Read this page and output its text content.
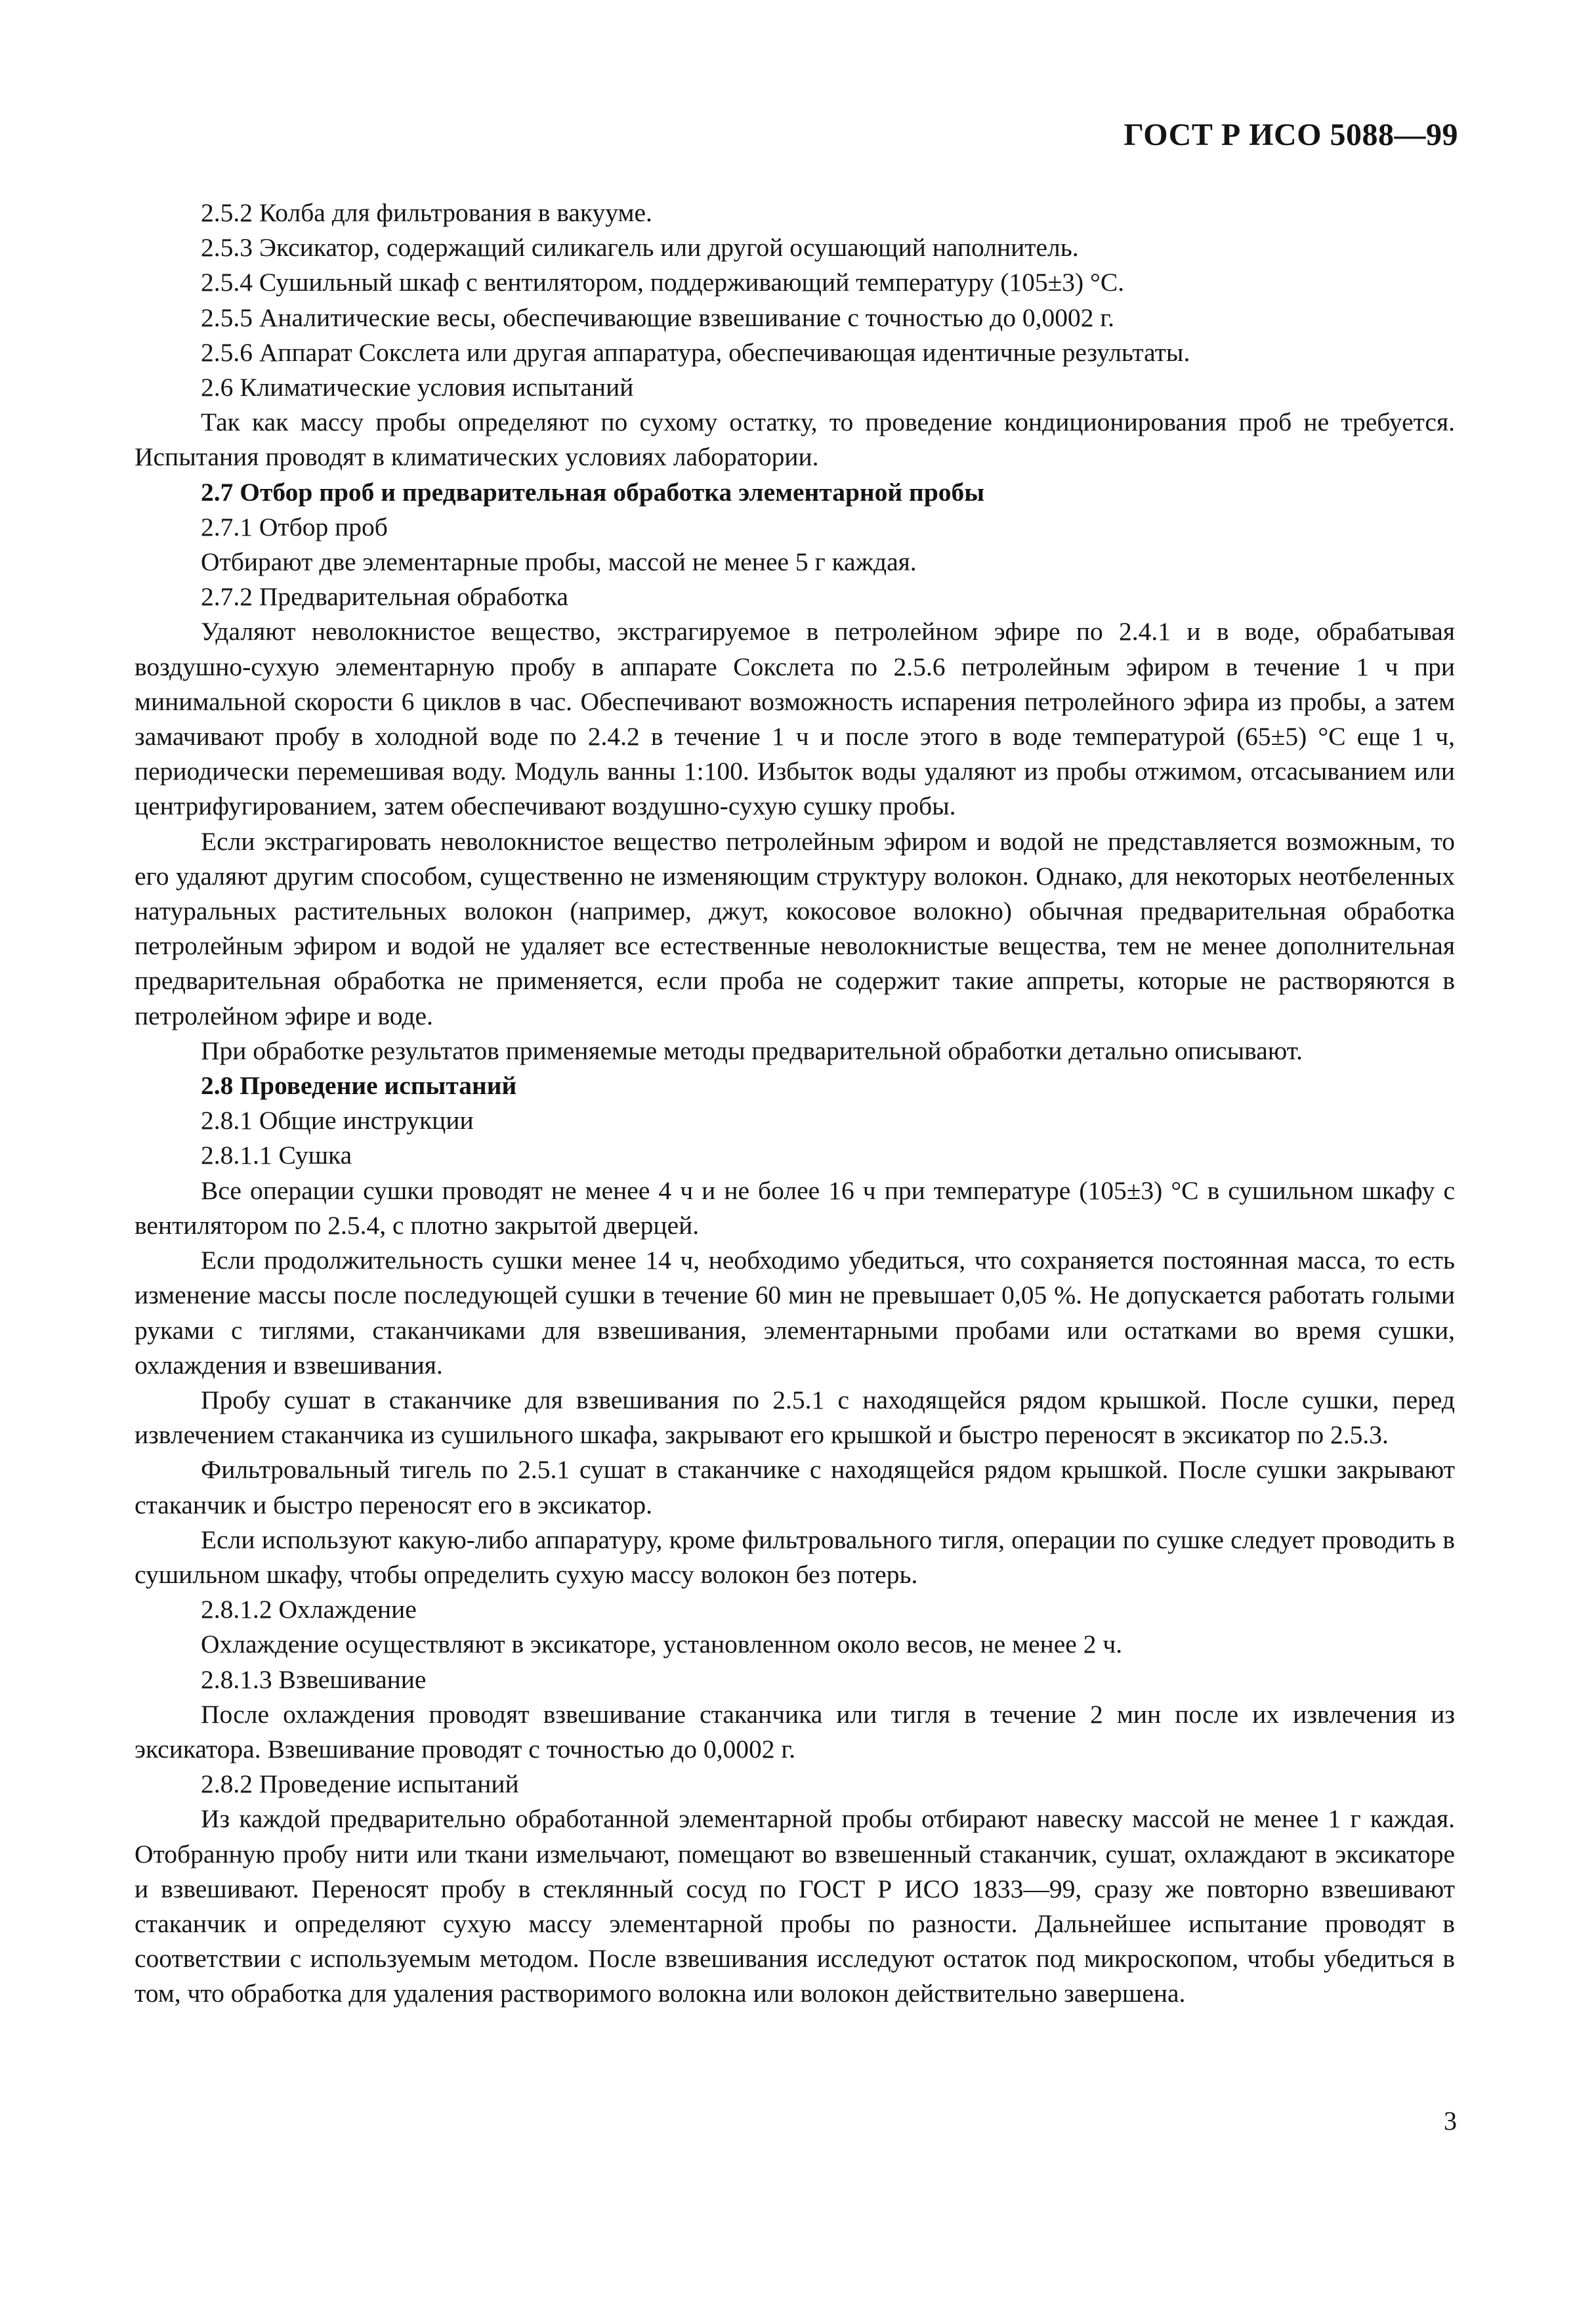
ГОСТ Р ИСО 5088—99

2.5.2 Колба для фильтрования в вакууме.

2.5.3 Эксикатор, содержащий силикагель или другой осушающий наполнитель.

2.5.4 Сушильный шкаф с вентилятором, поддерживающий температуру (105±3) °С.

2.5.5 Аналитические весы, обеспечивающие взвешивание с точностью до 0,0002 г.

2.5.6 Аппарат Сокслета или другая аппаратура, обеспечивающая идентичные результаты.

2.6 Климатические условия испытаний

Так как массу пробы определяют по сухому остатку, то проведение кондиционирования проб не требуется. Испытания проводят в климатических условиях лаборатории.

2.7 Отбор проб и предварительная обработка элементарной пробы

2.7.1 Отбор проб

Отбирают две элементарные пробы, массой не менее 5 г каждая.

2.7.2 Предварительная обработка

Удаляют неволокнистое вещество, экстрагируемое в петролейном эфире по 2.4.1 и в воде, обрабатывая воздушно-сухую элементарную пробу в аппарате Сокслета по 2.5.6 петролейным эфиром в течение 1 ч при минимальной скорости 6 циклов в час. Обеспечивают возможность испарения петролейного эфира из пробы, а затем замачивают пробу в холодной воде по 2.4.2 в течение 1 ч и после этого в воде температурой (65±5) °С еще 1 ч, периодически перемешивая воду. Модуль ванны 1:100. Избыток воды удаляют из пробы отжимом, отсасыванием или центрифугированием, затем обеспечивают воздушно-сухую сушку пробы.

Если экстрагировать неволокнистое вещество петролейным эфиром и водой не представляется возможным, то его удаляют другим способом, существенно не изменяющим структуру волокон. Однако, для некоторых неотбеленных натуральных растительных волокон (например, джут, кокосовое волокно) обычная предварительная обработка петролейным эфиром и водой не удаляет все естественные неволокнистые вещества, тем не менее дополнительная предварительная обработка не применяется, если проба не содержит такие аппреты, которые не растворяются в петролейном эфире и воде.

При обработке результатов применяемые методы предварительной обработки детально описывают.

2.8 Проведение испытаний

2.8.1 Общие инструкции

2.8.1.1 Сушка

Все операции сушки проводят не менее 4 ч и не более 16 ч при температуре (105±3) °С в сушильном шкафу с вентилятором по 2.5.4, с плотно закрытой дверцей.

Если продолжительность сушки менее 14 ч, необходимо убедиться, что сохраняется постоянная масса, то есть изменение массы после последующей сушки в течение 60 мин не превышает 0,05 %. Не допускается работать голыми руками с тиглями, стаканчиками для взвешивания, элементарными пробами или остатками во время сушки, охлаждения и взвешивания.

Пробу сушат в стаканчике для взвешивания по 2.5.1 с находящейся рядом крышкой. После сушки, перед извлечением стаканчика из сушильного шкафа, закрывают его крышкой и быстро переносят в эксикатор по 2.5.3.

Фильтровальный тигель по 2.5.1 сушат в стаканчике с находящейся рядом крышкой. После сушки закрывают стаканчик и быстро переносят его в эксикатор.

Если используют какую-либо аппаратуру, кроме фильтровального тигля, операции по сушке следует проводить в сушильном шкафу, чтобы определить сухую массу волокон без потерь.

2.8.1.2 Охлаждение

Охлаждение осуществляют в эксикаторе, установленном около весов, не менее 2 ч.

2.8.1.3 Взвешивание

После охлаждения проводят взвешивание стаканчика или тигля в течение 2 мин после их извлечения из эксикатора. Взвешивание проводят с точностью до 0,0002 г.

2.8.2 Проведение испытаний

Из каждой предварительно обработанной элементарной пробы отбирают навеску массой не менее 1 г каждая. Отобранную пробу нити или ткани измельчают, помещают во взвешенный стаканчик, сушат, охлаждают в эксикаторе и взвешивают. Переносят пробу в стеклянный сосуд по ГОСТ Р ИСО 1833—99, сразу же повторно взвешивают стаканчик и определяют сухую массу элементарной пробы по разности. Дальнейшее испытание проводят в соответствии с используемым методом. После взвешивания исследуют остаток под микроскопом, чтобы убедиться в том, что обработка для удаления растворимого волокна или волокон действительно завершена.

3
